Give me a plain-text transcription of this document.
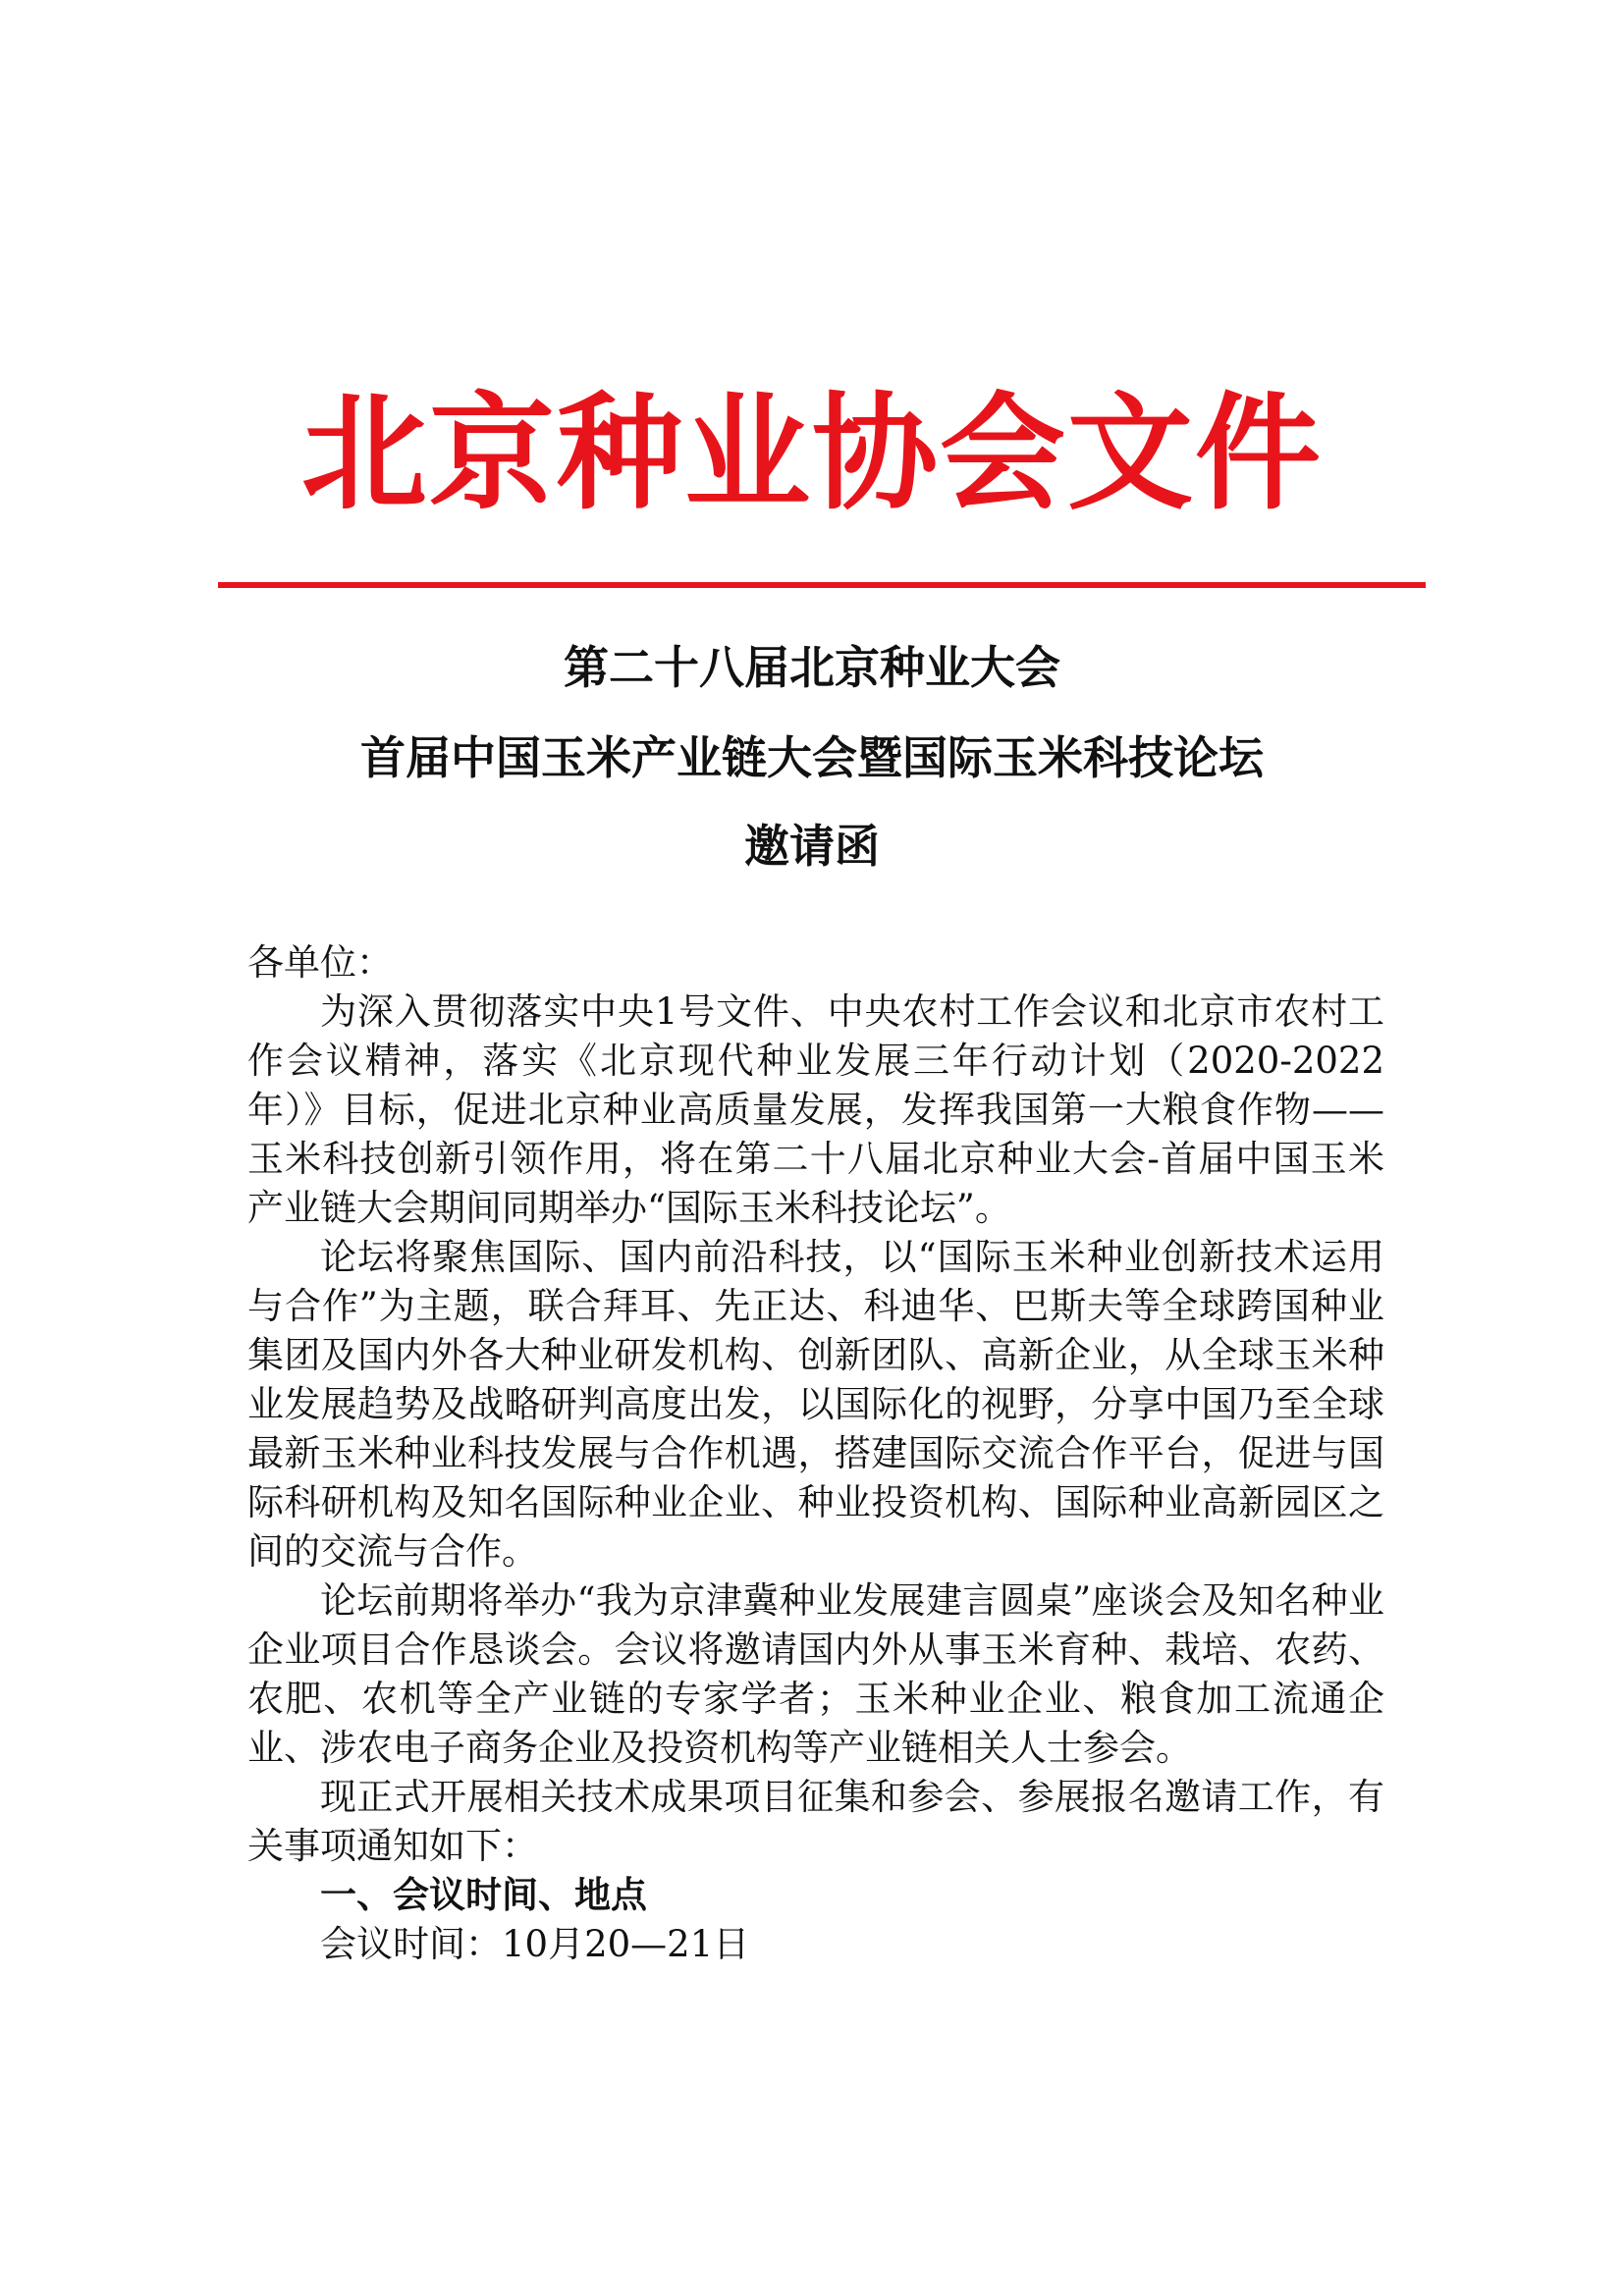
北京种业协会文件
第二十八届北京种业大会
首届中国玉米产业链大会暨国际玉米科技论坛
邀请函

各单位：

为深入贯彻落实中央1号文件、中央农村工作会议和北京市农村工作会议精神，落实《北京现代种业发展三年行动计划（2020-2022年）》目标，促进北京种业高质量发展，发挥我国第一大粮食作物——玉米科技创新引领作用，将在第二十八届北京种业大会-首届中国玉米产业链大会期间同期举办“国际玉米科技论坛”。

论坛将聚焦国际、国内前沿科技，以“国际玉米种业创新技术运用与合作”为主题，联合拜耳、先正达、科迪华、巴斯夫等全球跨国种业集团及国内外各大种业研发机构、创新团队、高新企业，从全球玉米种业发展趋势及战略研判高度出发，以国际化的视野，分享中国乃至全球最新玉米种业科技发展与合作机遇，搭建国际交流合作平台，促进与国际科研机构及知名国际种业企业、种业投资机构、国际种业高新园区之间的交流与合作。

论坛前期将举办“我为京津冀种业发展建言圆桌”座谈会及知名种业企业项目合作恳谈会。会议将邀请国内外从事玉米育种、栽培、农药、农肥、农机等全产业链的专家学者；玉米种业企业、粮食加工流通企业、涉农电子商务企业及投资机构等产业链相关人士参会。

现正式开展相关技术成果项目征集和参会、参展报名邀请工作，有关事项通知如下：

一、会议时间、地点

会议时间：10月20—21日
